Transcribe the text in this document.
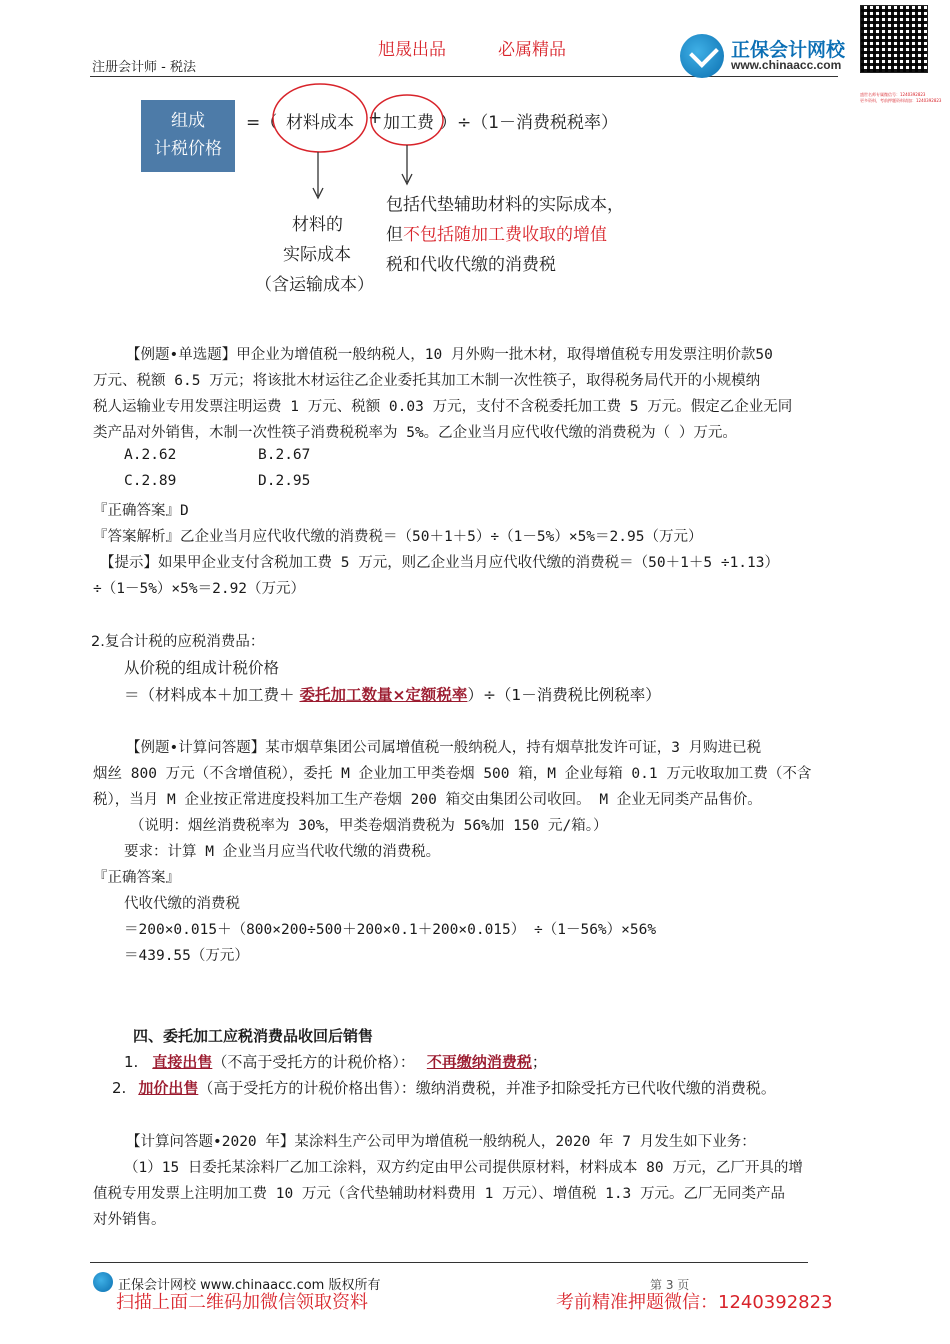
注册会计师 - 税法
旭晟出品	必属精品	正保会计网校
www.chinaacc.com
盛世名师专属微信号：1240392823
更多资料，考前押题资料请加：1240392823
组成
计税价格
=（ 材料成本 + 加工费 ）÷（1－消费税税率）
材料的
实际成本
（含运输成本）
包括代垫辅助材料的实际成本，
但不包括随加工费收取的增值
税和代收代缴的消费税
【例题•单选题】甲企业为增值税一般纳税人，10 月外购一批木材，取得增值税专用发票注明价款50
万元、税额 6.5 万元；将该批木材运往乙企业委托其加工木制一次性筷子，取得税务局代开的小规模纳
税人运输业专用发票注明运费 1 万元、税额 0.03 万元，支付不含税委托加工费 5 万元。假定乙企业无同
类产品对外销售，木制一次性筷子消费税税率为 5%。乙企业当月应代收代缴的消费税为（ ）万元。
A.2.62	B.2.67
C.2.89	D.2.95
『正确答案』D
『答案解析』乙企业当月应代收代缴的消费税＝（50＋1＋5）÷（1－5%）×5%＝2.95（万元）
【提示】如果甲企业支付含税加工费 5 万元，则乙企业当月应代收代缴的消费税＝（50＋1＋5 ÷1.13）
÷（1－5%）×5%＝2.92（万元）
2.复合计税的应税消费品：
从价税的组成计税价格
＝（材料成本＋加工费＋ 委托加工数量×定额税率）÷（1－消费税比例税率）
【例题•计算问答题】某市烟草集团公司属增值税一般纳税人，持有烟草批发许可证，3 月购进已税
烟丝 800 万元（不含增值税），委托 M 企业加工甲类卷烟 500 箱，M 企业每箱 0.1 万元收取加工费（不含
税），当月 M 企业按正常进度投料加工生产卷烟 200 箱交由集团公司收回。 M 企业无同类产品售价。
（说明：烟丝消费税率为 30%，甲类卷烟消费税为 56%加 150 元/箱。）
要求：计算 M 企业当月应当代收代缴的消费税。
『正确答案』
代收代缴的消费税
＝200×0.015＋（800×200÷500＋200×0.1＋200×0.015） ÷（1－56%）×56%
＝439.55（万元）
四、委托加工应税消费品收回后销售
1. 直接出售（不高于受托方的计税价格）： 不再缴纳消费税；
2. 加价出售（高于受托方的计税价格出售）：缴纳消费税，并准予扣除受托方已代收代缴的消费税。
【计算问答题•2020 年】某涂料生产公司甲为增值税一般纳税人，2020 年 7 月发生如下业务：
（1）15 日委托某涂料厂乙加工涂料，双方约定由甲公司提供原材料，材料成本 80 万元，乙厂开具的增
值税专用发票上注明加工费 10 万元（含代垫辅助材料费用 1 万元）、增值税 1.3 万元。乙厂无同类产品
对外销售。
正保会计网校 www.chinaacc.com 版权所有	第 3 页
扫描上面二维码加微信领取资料	考前精准押题微信：1240392823
